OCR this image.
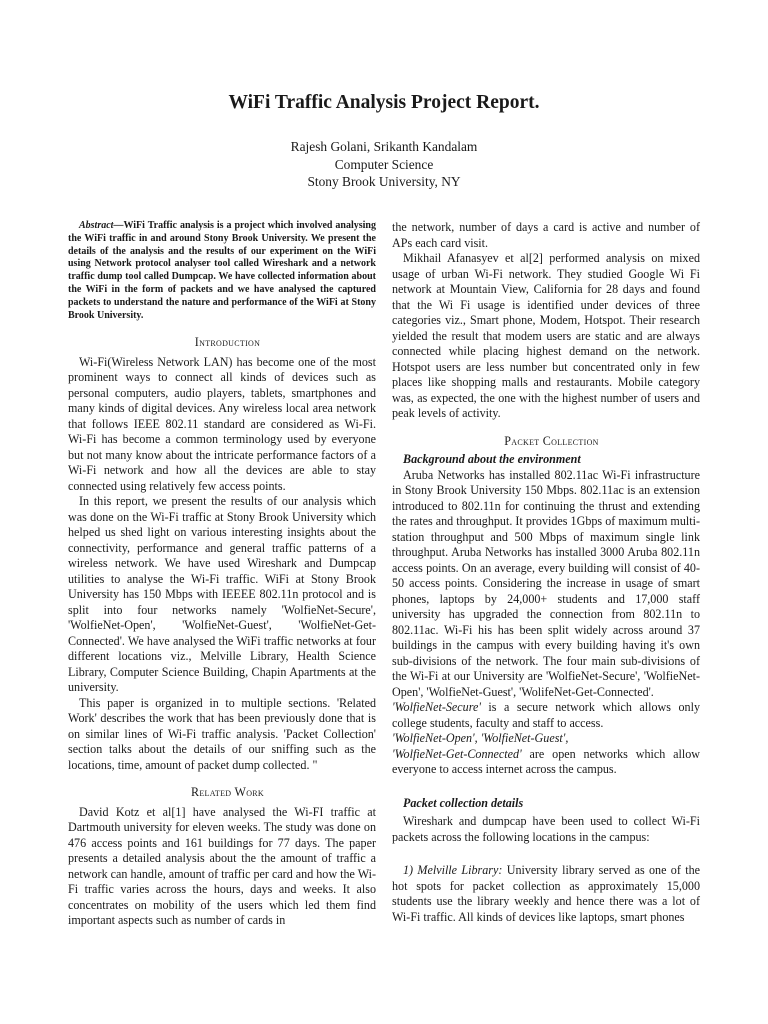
WiFi Traffic Analysis Project Report.
Rajesh Golani, Srikanth Kandalam
Computer Science
Stony Brook University, NY

Abstract—WiFi Traffic analysis is a project which involved analysing the WiFi traffic in and around Stony Brook University. We present the details of the analysis and the results of our experiment on the WiFi using Network protocol analyser tool called Wireshark and a network traffic dump tool called Dumpcap. We have collected information about the WiFi in the form of packets and we have analysed the captured packets to understand the nature and performance of the WiFi at Stony Brook University.

Introduction

Wi-Fi(Wireless Network LAN) has become one of the most prominent ways to connect all kinds of devices such as personal computers, audio players, tablets, smartphones and many kinds of digital devices. Any wireless local area network that follows IEEE 802.11 standard are considered as Wi-Fi. Wi-Fi has become a common terminology used by everyone but not many know about the intricate performance factors of a Wi-Fi network and how all the devices are able to stay connected using relatively few access points.

In this report, we present the results of our analysis which was done on the Wi-Fi traffic at Stony Brook University which helped us shed light on various interesting insights about the connectivity, performance and general traffic patterns of a wireless network. We have used Wireshark and Dumpcap utilities to analyse the Wi-Fi traffic. WiFi at Stony Brook University has 150 Mbps with IEEEE 802.11n protocol and is split into four networks namely 'WolfieNet-Secure', 'WolfieNet-Open', 'WolfieNet-Guest', 'WolfieNet-Get-Connected'. We have analysed the WiFi traffic networks at four different locations viz., Melville Library, Health Science Library, Computer Science Building, Chapin Apartments at the university.

This paper is organized in to multiple sections. 'Related Work' describes the work that has been previously done that is on similar lines of Wi-Fi traffic analysis. 'Packet Collection' section talks about the details of our sniffing such as the locations, time, amount of packet dump collected. "

Related Work

David Kotz et al[1] have analysed the Wi-FI traffic at Dartmouth university for eleven weeks. The study was done on 476 access points and 161 buildings for 77 days. The paper presents a detailed analysis about the the amount of traffic a network can handle, amount of traffic per card and how the Wi-Fi traffic varies across the hours, days and weeks. It also concentrates on mobility of the users which led them find important aspects such as number of cards in

the network, number of days a card is active and number of APs each card visit.

Mikhail Afanasyev et al[2] performed analysis on mixed usage of urban Wi-Fi network. They studied Google Wi Fi network at Mountain View, California for 28 days and found that the Wi Fi usage is identified under devices of three categories viz., Smart phone, Modem, Hotspot. Their research yielded the result that modem users are static and are always connected while placing highest demand on the network. Hotspot users are less number but concentrated only in few places like shopping malls and restaurants. Mobile category was, as expected, the one with the highest number of users and peak levels of activity.

Packet Collection

Background about the environment

Aruba Networks has installed 802.11ac Wi-Fi infrastructure in Stony Brook University 150 Mbps. 802.11ac is an extension introduced to 802.11n for continuing the thrust and extending the rates and throughput. It provides 1Gbps of maximum multi-station throughput and 500 Mbps of maximum single link throughput. Aruba Networks has installed 3000 Aruba 802.11n access points. On an average, every building will consist of 40-50 access points. Considering the increase in usage of smart phones, laptops by 24,000+ students and 17,000 staff university has upgraded the connection from 802.11n to 802.11ac. Wi-Fi his has been split widely across around 37 buildings in the campus with every building having it's own sub-divisions of the network. The four main sub-divisions of the Wi-Fi at our University are 'WolfieNet-Secure', 'WolfieNet-Open', 'WolfieNet-Guest', 'WolifeNet-Get-Connected'.

'WolfieNet-Secure' is a secure network which allows only college students, faculty and staff to access.

'WolfieNet-Open', 'WolfieNet-Guest',

'WolfieNet-Get-Connected' are open networks which allow everyone to access internet across the campus.

Packet collection details

Wireshark and dumpcap have been used to collect Wi-Fi packets across the following locations in the campus:

1) Melville Library: University library served as one of the hot spots for packet collection as approximately 15,000 students use the library weekly and hence there was a lot of Wi-Fi traffic. All kinds of devices like laptops, smart phones
